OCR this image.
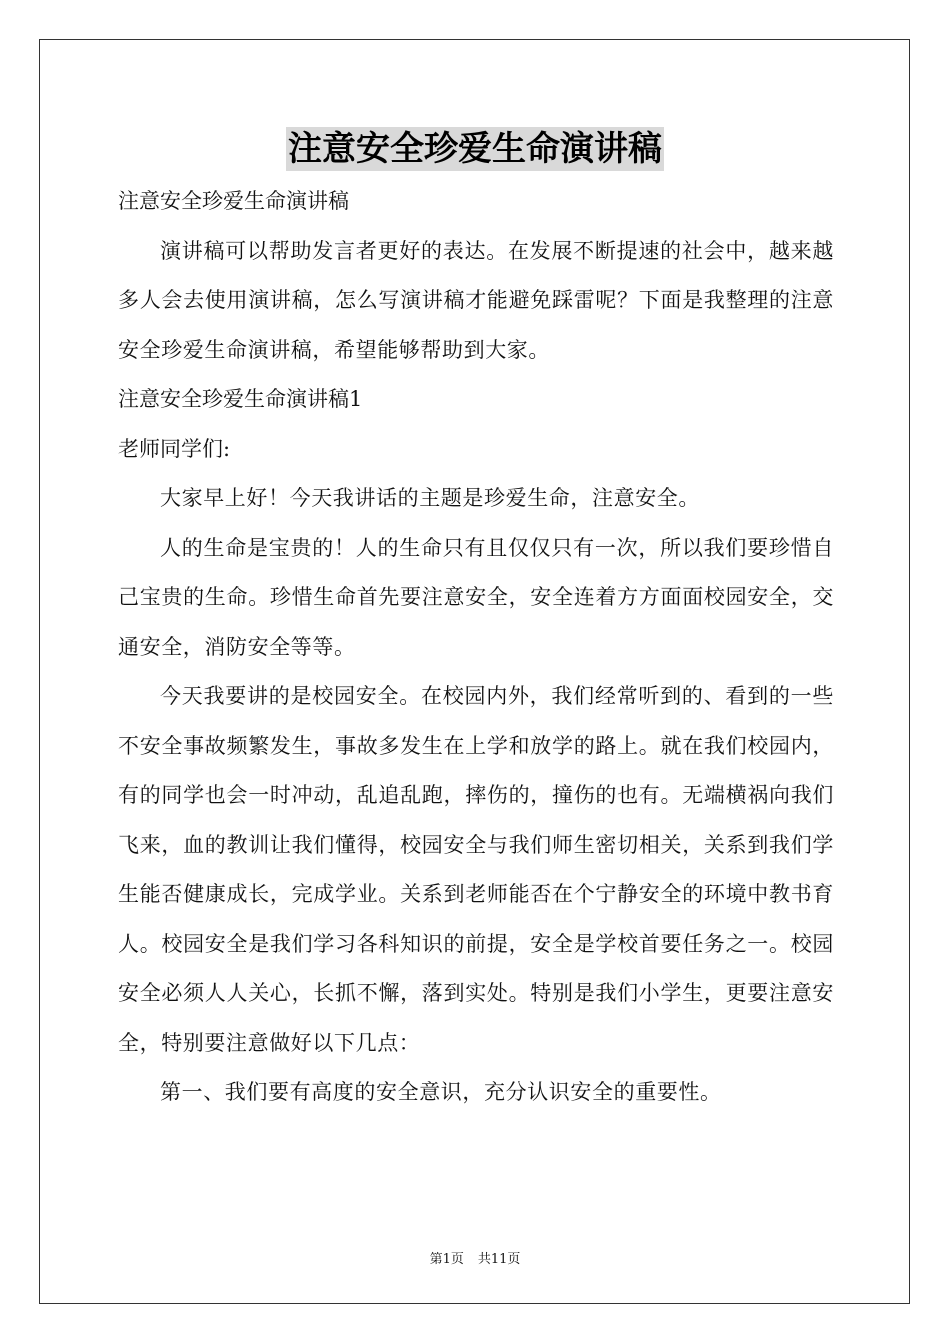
注意安全珍爱生命演讲稿

注意安全珍爱生命演讲稿

演讲稿可以帮助发言者更好的表达。在发展不断提速的社会中，越来越多人会去使用演讲稿，怎么写演讲稿才能避免踩雷呢？下面是我整理的注意安全珍爱生命演讲稿，希望能够帮助到大家。

注意安全珍爱生命演讲稿1

老师同学们:

大家早上好！今天我讲话的主题是珍爱生命，注意安全。

人的生命是宝贵的！人的生命只有且仅仅只有一次，所以我们要珍惜自己宝贵的生命。珍惜生命首先要注意安全，安全连着方方面面校园安全，交通安全，消防安全等等。

今天我要讲的是校园安全。在校园内外，我们经常听到的、看到的一些不安全事故频繁发生，事故多发生在上学和放学的路上。就在我们校园内，有的同学也会一时冲动，乱追乱跑，摔伤的，撞伤的也有。无端横祸向我们飞来，血的教训让我们懂得，校园安全与我们师生密切相关，关系到我们学生能否健康成长，完成学业。关系到老师能否在个宁静安全的环境中教书育人。校园安全是我们学习各科知识的前提，安全是学校首要任务之一。校园安全必须人人关心，长抓不懈，落到实处。特别是我们小学生，更要注意安全，特别要注意做好以下几点：

第一、我们要有高度的安全意识，充分认识安全的重要性。

第1页 共11页
